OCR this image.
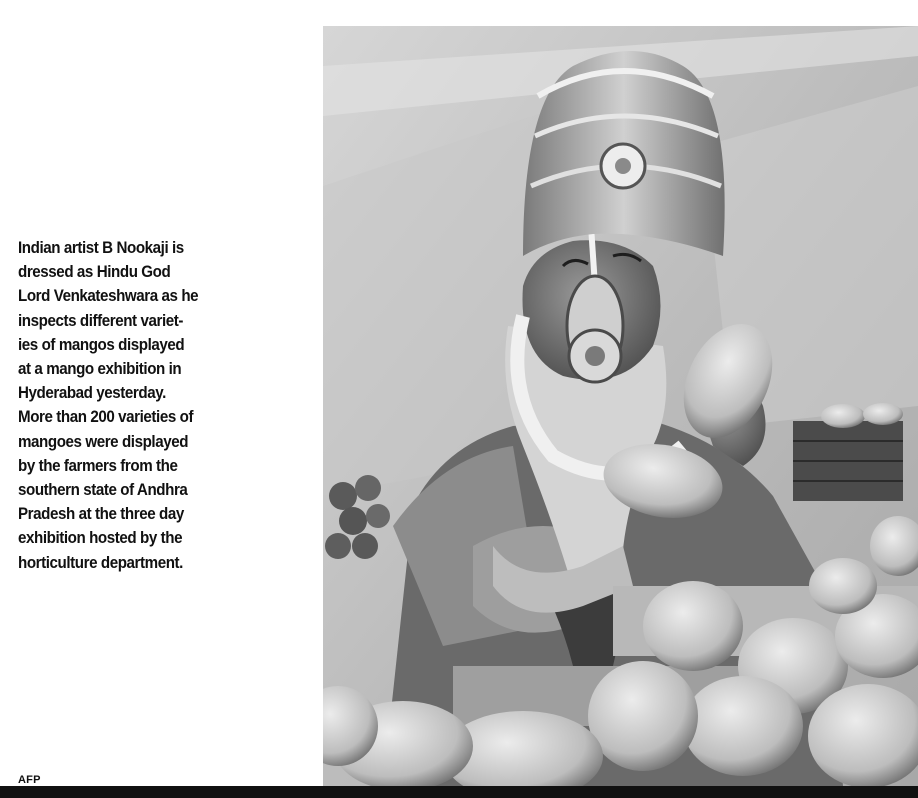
Indian artist B Nookaji is
dressed as Hindu God
Lord Venkateshwara as he
inspects different variet-
ies of mangos displayed
at a mango exhibition in
Hyderabad yesterday.
More than 200 varieties of
mangoes were displayed
by the farmers from the
southern state of Andhra
Pradesh at the three day
exhibition hosted by the
horticulture department.
AFP
